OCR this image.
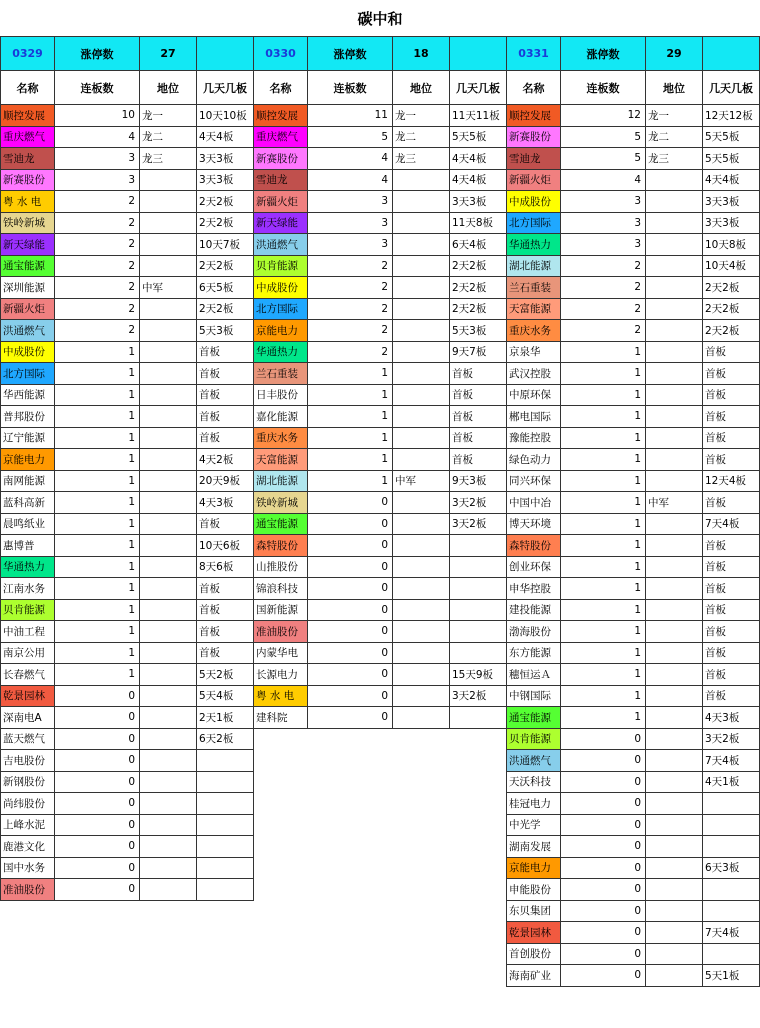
碳中和
0329	涨停数	27	
名称	连板数	地位	几天几板
顺控发展	10	龙一	10天10板
重庆燃气	4	龙二	4天4板
雪迪龙	3	龙三	3天3板
新赛股份	3		3天3板
粤 水 电	2		2天2板
铁岭新城	2		2天2板
新天绿能	2		10天7板
通宝能源	2		2天2板
深圳能源	2	中军	6天5板
新疆火炬	2		2天2板
洪通燃气	2		5天3板
中成股份	1		首板
北方国际	1		首板
华西能源	1		首板
普邦股份	1		首板
辽宁能源	1		首板
京能电力	1		4天2板
南网能源	1		20天9板
蓝科高新	1		4天3板
晨鸣纸业	1		首板
惠博普	1		10天6板
华通热力	1		8天6板
江南水务	1		首板
贝肯能源	1		首板
中油工程	1		首板
南京公用	1		首板
长春燃气	1		5天2板
乾景园林	0		5天4板
深南电A	0		2天1板
蓝天燃气	0		6天2板
吉电股份	0		
新钢股份	0		
尚纬股份	0		
上峰水泥	0		
鹿港文化	0		
国中水务	0		
准油股份	0		
0330	涨停数	18	
名称	连板数	地位	几天几板
顺控发展	11	龙一	11天11板
重庆燃气	5	龙二	5天5板
新赛股份	4	龙三	4天4板
雪迪龙	4		4天4板
新疆火炬	3		3天3板
新天绿能	3		11天8板
洪通燃气	3		6天4板
贝肯能源	2		2天2板
中成股份	2		2天2板
北方国际	2		2天2板
京能电力	2		5天3板
华通热力	2		9天7板
兰石重装	1		首板
日丰股份	1		首板
嘉化能源	1		首板
重庆水务	1		首板
天富能源	1		首板
湖北能源	1	中军	9天3板
铁岭新城	0		3天2板
通宝能源	0		3天2板
森特股份	0		
山推股份	0		
锦浪科技	0		
国新能源	0		
准油股份	0		
内蒙华电	0		
长源电力	0		15天9板
粤 水 电	0		3天2板
建科院	0		
0331	涨停数	29	
名称	连板数	地位	几天几板
顺控发展	12	龙一	12天12板
新赛股份	5	龙二	5天5板
雪迪龙	5	龙三	5天5板
新疆火炬	4		4天4板
中成股份	3		3天3板
北方国际	3		3天3板
华通热力	3		10天8板
湖北能源	2		10天4板
兰石重装	2		2天2板
天富能源	2		2天2板
重庆水务	2		2天2板
京泉华	1		首板
武汉控股	1		首板
中原环保	1		首板
郴电国际	1		首板
豫能控股	1		首板
绿色动力	1		首板
同兴环保	1		12天4板
中国中冶	1	中军	首板
博天环境	1		7天4板
森特股份	1		首板
创业环保	1		首板
申华控股	1		首板
建投能源	1		首板
渤海股份	1		首板
东方能源	1		首板
穗恒运Ａ	1		首板
中钢国际	1		首板
通宝能源	1		4天3板
贝肯能源	0		3天2板
洪通燃气	0		7天4板
天沃科技	0		4天1板
桂冠电力	0		
中光学	0		
湖南发展	0		
京能电力	0		6天3板
申能股份	0		
东贝集团	0		
乾景园林	0		7天4板
首创股份	0		
海南矿业	0		5天1板
